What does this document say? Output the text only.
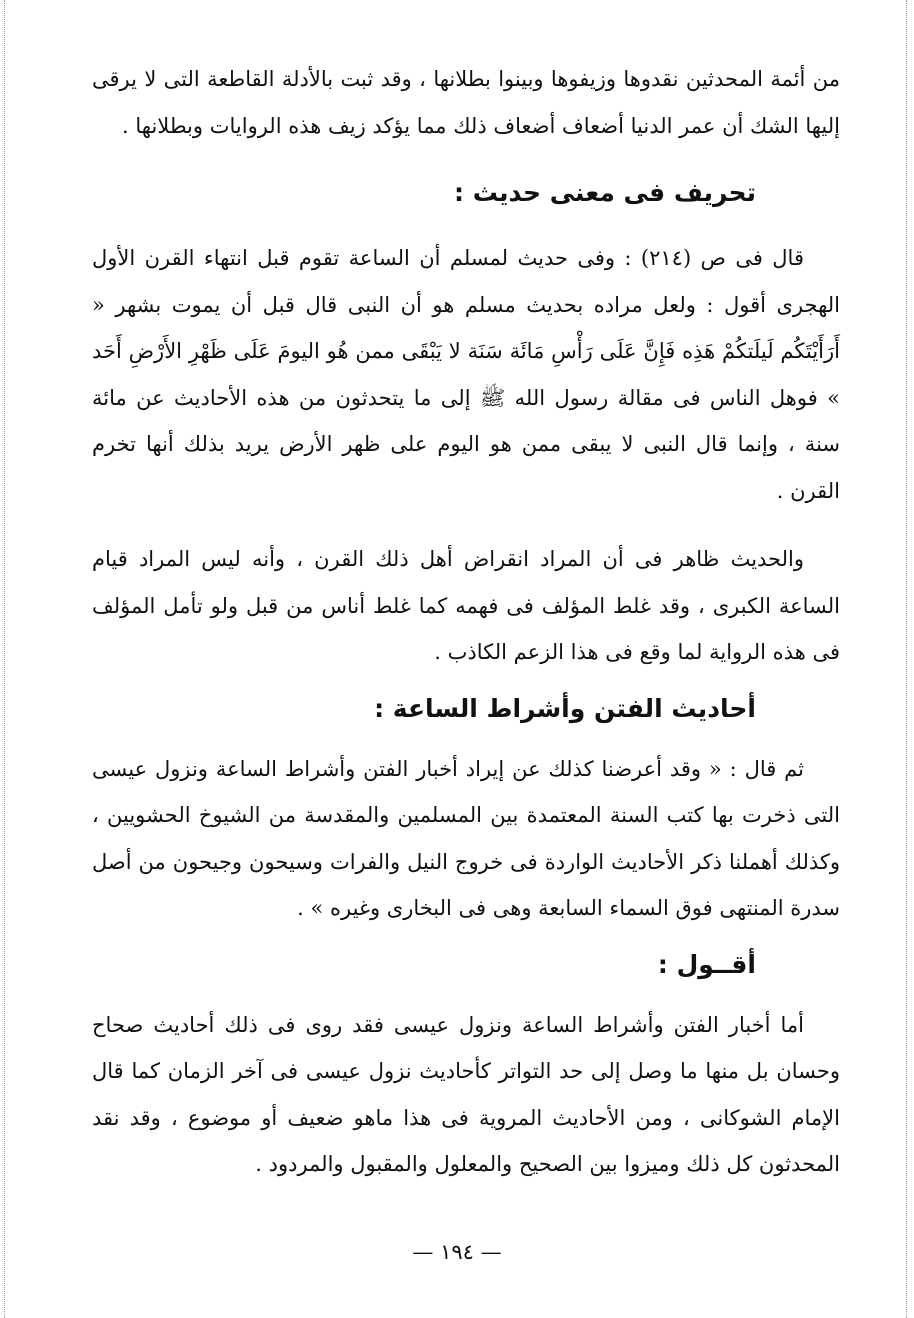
من أئمة المحدثين نقدوها وزيفوها وبينوا بطلانها ، وقد ثبت بالأدلة القاطعة التى لا يرقى إليها الشك أن عمر الدنيا أضعاف أضعاف ذلك مما يؤكد زيف هذه الروايات وبطلانها .

تحريف فى معنى حديث :

قال فى ص (٢١٤) : وفى حديث لمسلم أن الساعة تقوم قبل انتهاء القرن الأول الهجرى أقول : ولعل مراده بحديث مسلم هو أن النبى قال قبل أن يموت بشهر « أَرَأَيْتَكُم لَيلَتكُمْ هَذِه فَإِنَّ عَلَى رَأْسِ مَائَة سَنَة لا يَبْقَى ممن هُو اليومَ عَلَى ظَهْرِ الأَرْضِ أَحَد » فوهل الناس فى مقالة رسول الله ﷺ إلى ما يتحدثون من هذه الأحاديث عن مائة سنة ، وإنما قال النبى لا يبقى ممن هو اليوم على ظهر الأرض يريد بذلك أنها تخرم القرن .

والحديث ظاهر فى أن المراد انقراض أهل ذلك القرن ، وأنه ليس المراد قيام الساعة الكبرى ، وقد غلط المؤلف فى فهمه كما غلط أناس من قبل ولو تأمل المؤلف فى هذه الرواية لما وقع فى هذا الزعم الكاذب .

أحاديث الفتن وأشراط الساعة :

ثم قال : « وقد أعرضنا كذلك عن إيراد أخبار الفتن وأشراط الساعة ونزول عيسى التى ذخرت بها كتب السنة المعتمدة بين المسلمين والمقدسة من الشيوخ الحشويين ، وكذلك أهملنا ذكر الأحاديث الواردة فى خروج النيل والفرات وسيحون وجيحون من أصل سدرة المنتهى فوق السماء السابعة وهى فى البخارى وغيره » .

أقــول :

أما أخبار الفتن وأشراط الساعة ونزول عيسى فقد روى فى ذلك أحاديث صحاح وحسان بل منها ما وصل إلى حد التواتر كأحاديث نزول عيسى فى آخر الزمان كما قال الإمام الشوكانى ، ومن الأحاديث المروية فى هذا ماهو ضعيف أو موضوع ، وقد نقد المحدثون كل ذلك وميزوا بين الصحيح والمعلول والمقبول والمردود .

— ١٩٤ —
